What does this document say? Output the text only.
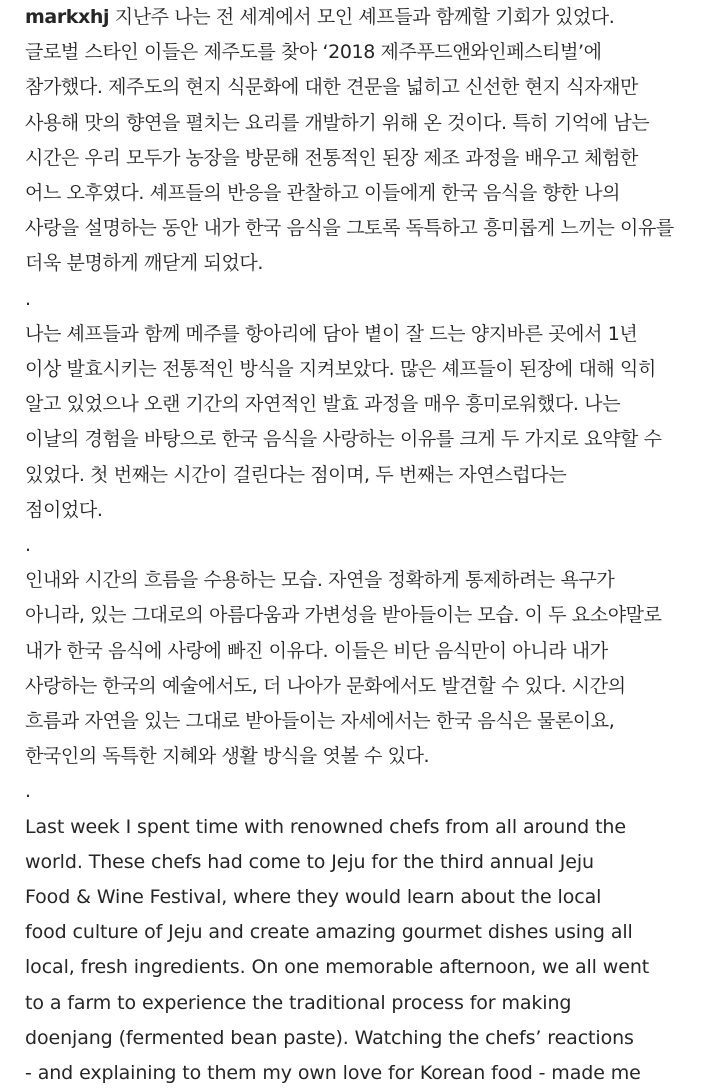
markxhj 지난주 나는 전 세계에서 모인 셰프들과 함께할 기회가 있었다.
글로벌 스타인 이들은 제주도를 찾아 ‘2018 제주푸드앤와인페스티벌’에
참가했다. 제주도의 현지 식문화에 대한 견문을 넓히고 신선한 현지 식자재만
사용해 맛의 향연을 펼치는 요리를 개발하기 위해 온 것이다. 특히 기억에 남는
시간은 우리 모두가 농장을 방문해 전통적인 된장 제조 과정을 배우고 체험한
어느 오후였다. 셰프들의 반응을 관찰하고 이들에게 한국 음식을 향한 나의
사랑을 설명하는 동안 내가 한국 음식을 그토록 독특하고 흥미롭게 느끼는 이유를
더욱 분명하게 깨닫게 되었다.

.

나는 셰프들과 함께 메주를 항아리에 담아 볕이 잘 드는 양지바른 곳에서 1년
이상 발효시키는 전통적인 방식을 지켜보았다. 많은 셰프들이 된장에 대해 익히
알고 있었으나 오랜 기간의 자연적인 발효 과정을 매우 흥미로워했다. 나는
이날의 경험을 바탕으로 한국 음식을 사랑하는 이유를 크게 두 가지로 요약할 수
있었다. 첫 번째는 시간이 걸린다는 점이며, 두 번째는 자연스럽다는
점이었다.

.

인내와 시간의 흐름을 수용하는 모습. 자연을 정확하게 통제하려는 욕구가
아니라, 있는 그대로의 아름다움과 가변성을 받아들이는 모습. 이 두 요소야말로
내가 한국 음식에 사랑에 빠진 이유다. 이들은 비단 음식만이 아니라 내가
사랑하는 한국의 예술에서도, 더 나아가 문화에서도 발견할 수 있다. 시간의
흐름과 자연을 있는 그대로 받아들이는 자세에서는 한국 음식은 물론이요,
한국인의 독특한 지혜와 생활 방식을 엿볼 수 있다.

.

Last week I spent time with renowned chefs from all around the
world. These chefs had come to Jeju for the third annual Jeju
Food & Wine Festival, where they would learn about the local
food culture of Jeju and create amazing gourmet dishes using all
local, fresh ingredients. On one memorable afternoon, we all went
to a farm to experience the traditional process for making
doenjang (fermented bean paste). Watching the chefs’ reactions
- and explaining to them my own love for Korean food - made me
